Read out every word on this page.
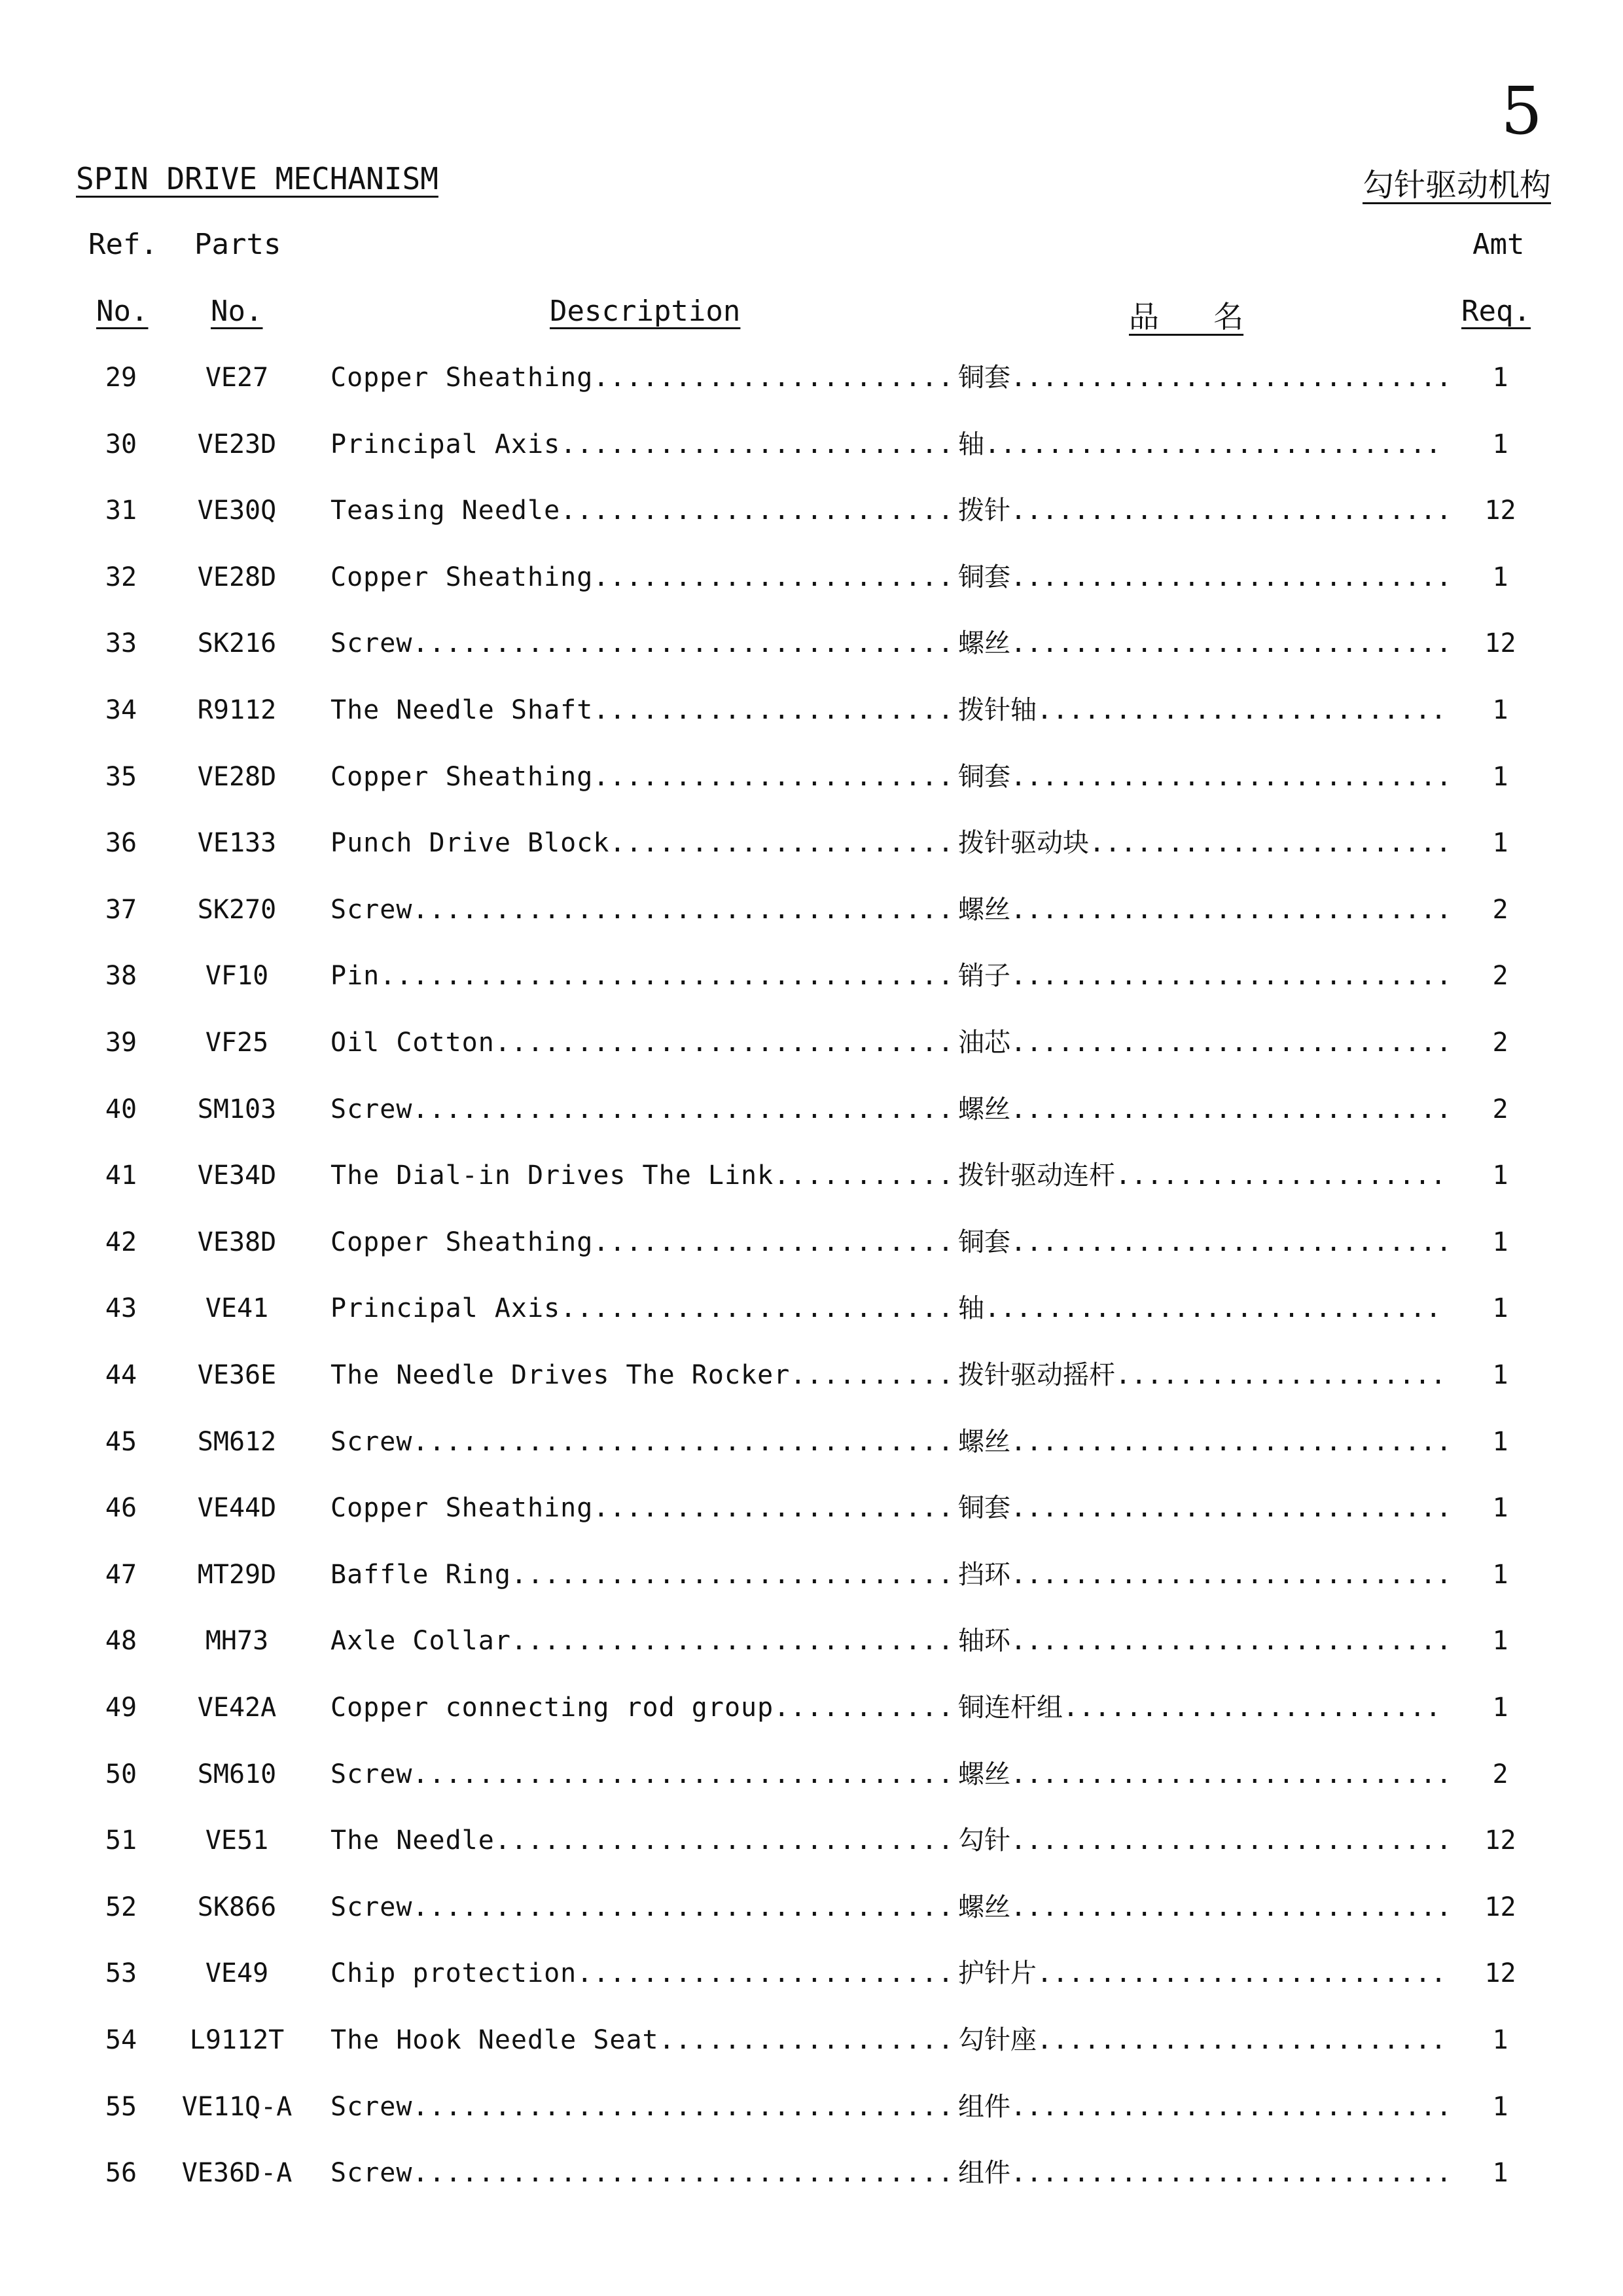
5
SPIN DRIVE MECHANISM	勾针驱动机构
Ref. Parts	Amt
No. No.	Description	品   名	Req.
29	VE27	Copper Sheathing .....	铜套 .....	1
30	VE23D	Principal Axis .....	轴 .....	1
31	VE30Q	Teasing Needle .....	拨针 .....	12
32	VE28D	Copper Sheathing .....	铜套 .....	1
33	SK216	Screw .....	螺丝 .....	12
34	R9112	The Needle Shaft .....	拨针轴 .....	1
35	VE28D	Copper Sheathing .....	铜套 .....	1
36	VE133	Punch Drive Block .....	拨针驱动块 .....	1
37	SK270	Screw .....	螺丝 .....	2
38	VF10	Pin .....	销子 .....	2
39	VF25	Oil Cotton .....	油芯 .....	2
40	SM103	Screw .....	螺丝 .....	2
41	VE34D	The Dial-in Drives The Link .....	拨针驱动连杆 .....	1
42	VE38D	Copper Sheathing .....	铜套 .....	1
43	VE41	Principal Axis .....	轴 .....	1
44	VE36E	The Needle Drives The Rocker .....	拨针驱动摇杆 .....	1
45	SM612	Screw .....	螺丝 .....	1
46	VE44D	Copper Sheathing .....	铜套 .....	1
47	MT29D	Baffle Ring .....	挡环 .....	1
48	MH73	Axle Collar .....	轴环 .....	1
49	VE42A	Copper connecting rod group .....	铜连杆组 .....	1
50	SM610	Screw .....	螺丝 .....	2
51	VE51	The Needle .....	勾针 .....	12
52	SK866	Screw .....	螺丝 .....	12
53	VE49	Chip protection .....	护针片 .....	12
54	L9112T	The Hook Needle Seat .....	勾针座 .....	1
55	VE11Q-A	Screw .....	组件 .....	1
56	VE36D-A	Screw .....	组件 .....	1
